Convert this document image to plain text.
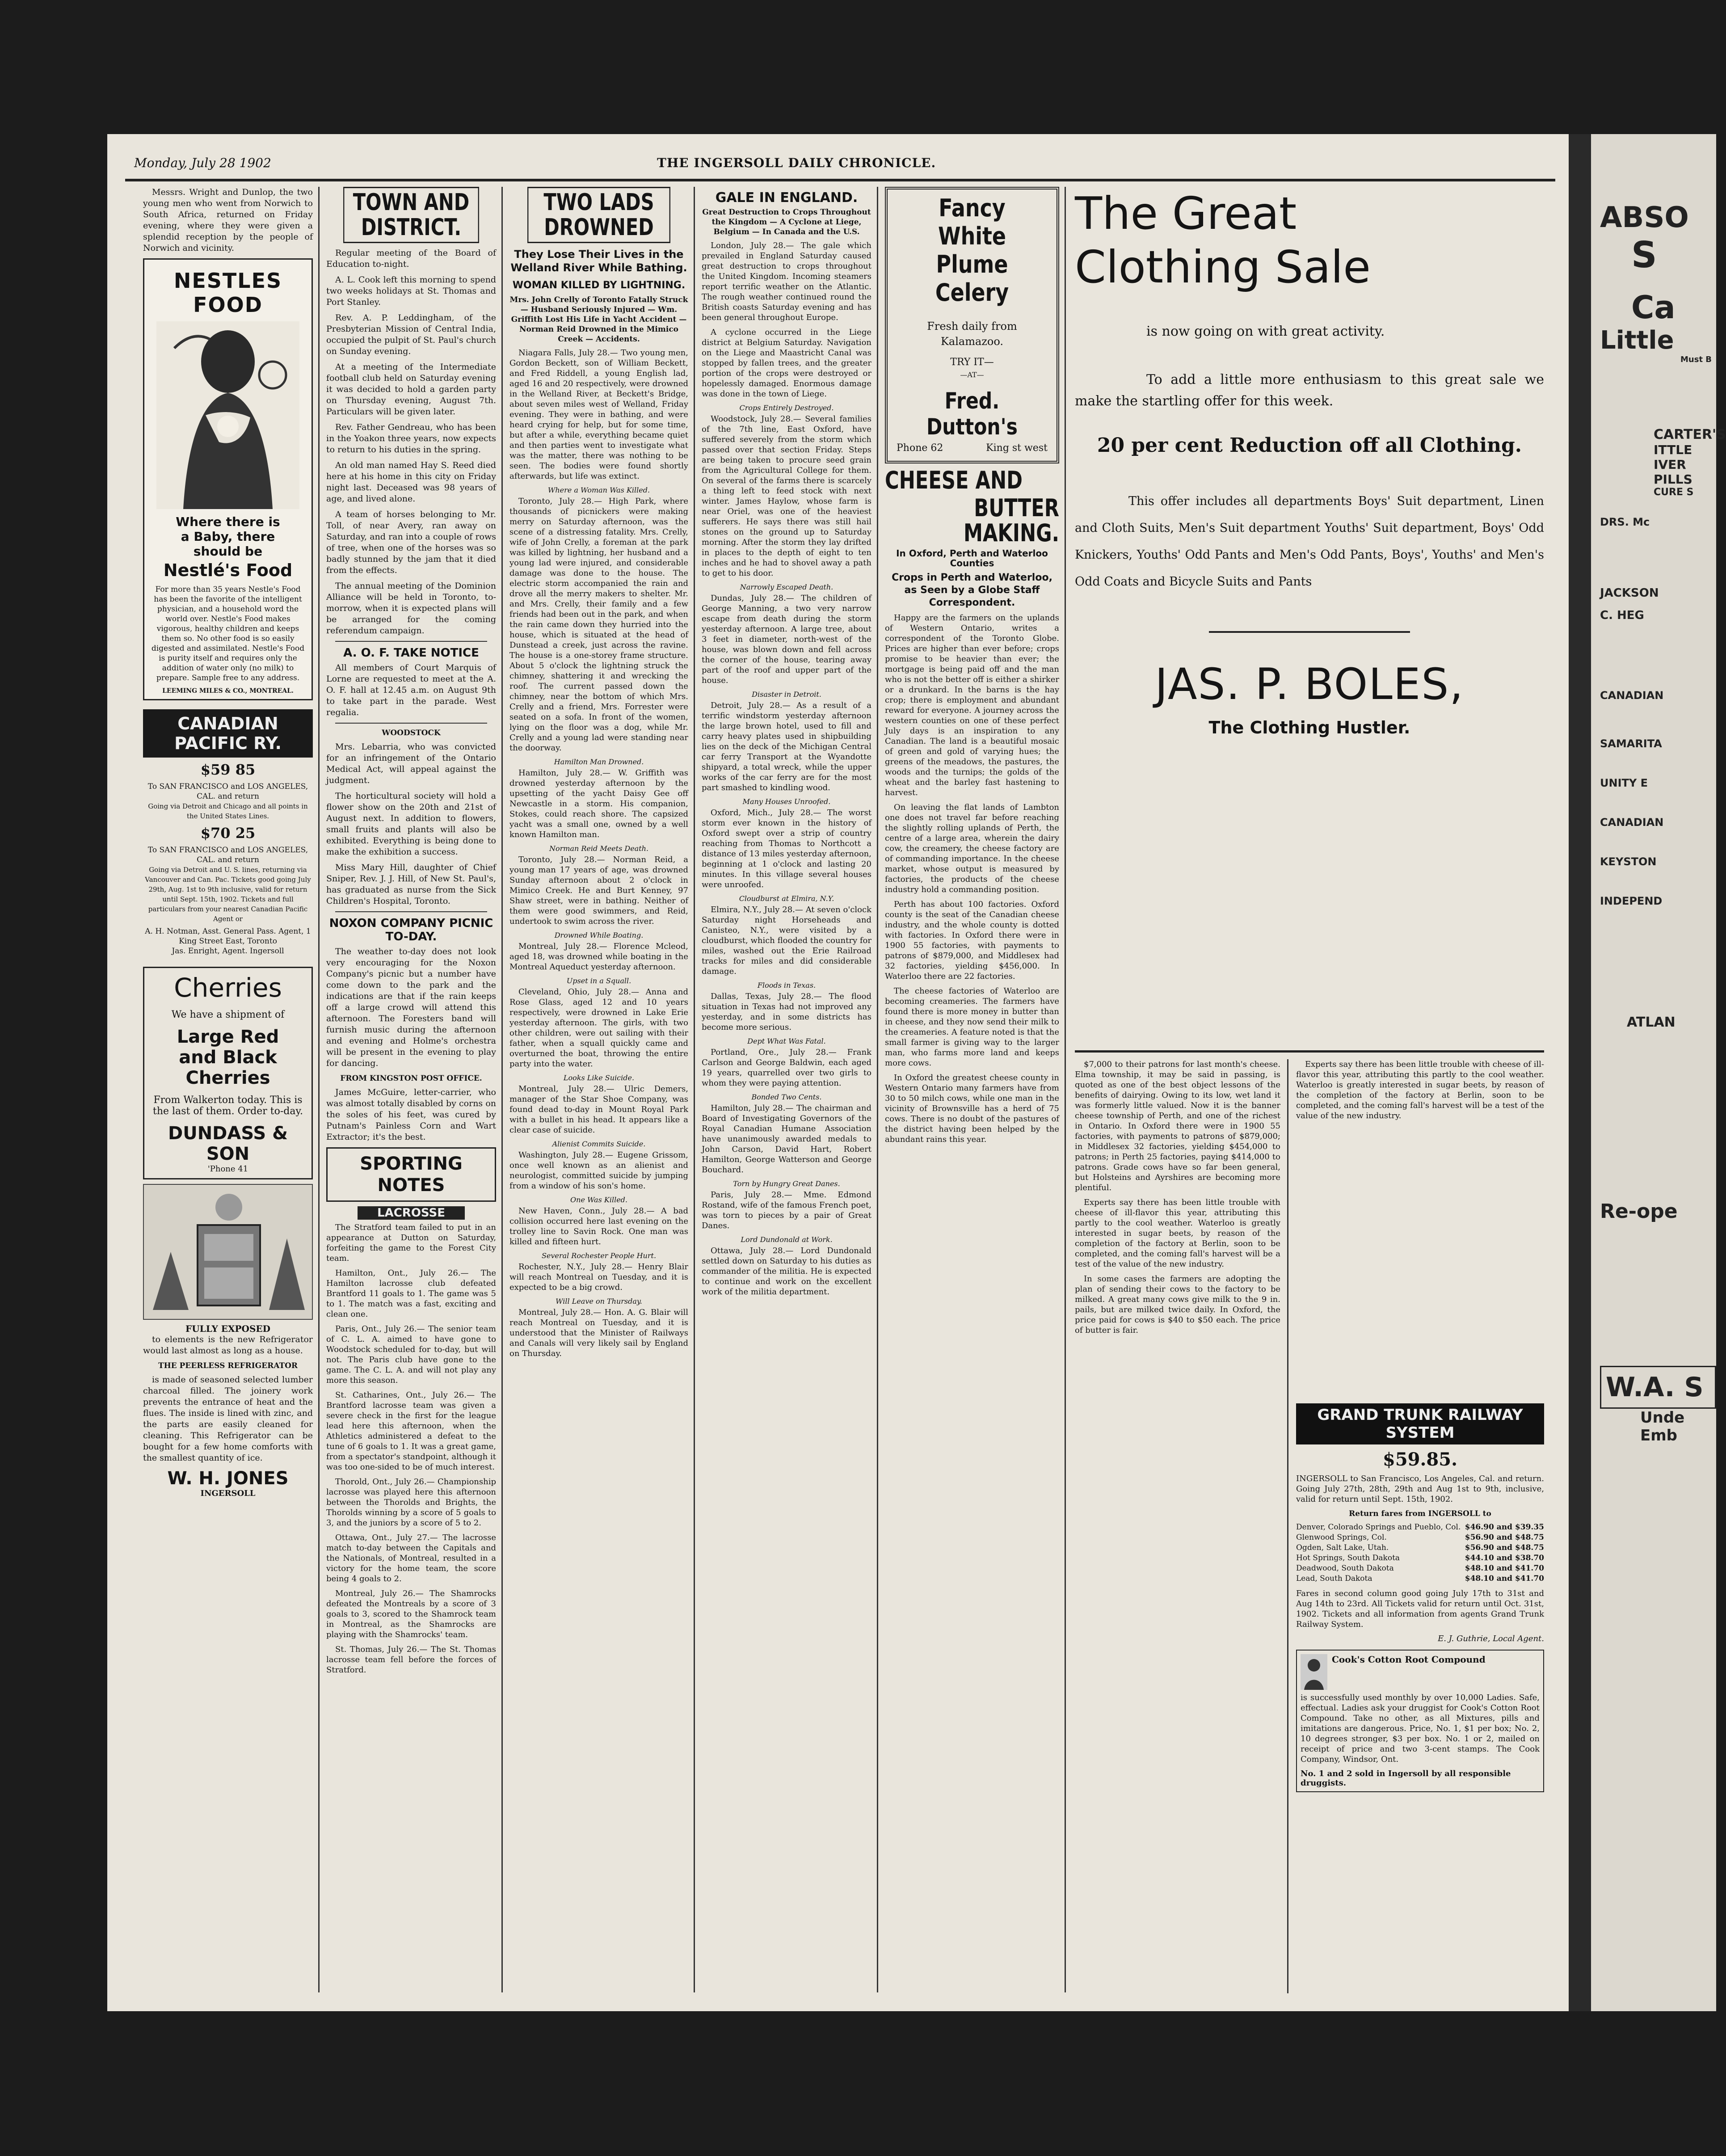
Monday, July 28 1902	THE INGERSOLL DAILY CHRONICLE.

Messrs. Wright and Dunlop, the two young men who went from Norwich to South Africa, returned on Friday evening, where they were given a splendid reception by the people of Norwich and vicinity.

NESTLES FOOD
Where there is
a Baby, there
should be
Nestlé's Food

For more than 35 years Nestle's Food has been the favorite of the intelligent physician, and a household word the world over. Nestle's Food makes vigorous, healthy children and keeps them so. No other food is so easily digested and assimilated. Nestle's Food is purity itself and requires only the addition of water only (no milk) to prepare. Sample free to any address.

LEEMING MILES & CO., MONTREAL.
CANADIAN PACIFIC RY.
$59 85
To SAN FRANCISCO and LOS ANGELES, CAL. and return
Going via Detroit and Chicago and all points in the United States Lines.
$70 25
To SAN FRANCISCO and LOS ANGELES, CAL. and return
Going via Detroit and U. S. lines, returning via Vancouver and Can. Pac. Tickets good going July 29th, Aug. 1st to 9th inclusive, valid for return until Sept. 15th, 1902. Tickets and full particulars from your nearest Canadian Pacific Agent or
A. H. Notman, Asst. General Pass. Agent, 1 King Street East, Toronto
Jas. Enright, Agent. Ingersoll
Cherries
We have a shipment of
Large Red
and Black
Cherries
From Walkerton today. This is the last of them. Order to-day.
DUNDASS & SON
'Phone 41
FULLY EXPOSED

to elements is the new Refrigerator would last almost as long as a house.

THE PEERLESS REFRIGERATOR

is made of seasoned selected lumber charcoal filled. The joinery work prevents the entrance of heat and the flues. The inside is lined with zinc, and the parts are easily cleaned for cleaning. This Refrigerator can be bought for a few home comforts with the smallest quantity of ice.

W. H. JONES
INGERSOLL
TOWN AND DISTRICT.

Regular meeting of the Board of Education to-night.

A. L. Cook left this morning to spend two weeks holidays at St. Thomas and Port Stanley.

Rev. A. P. Leddingham, of the Presbyterian Mission of Central India, occupied the pulpit of St. Paul's church on Sunday evening.

At a meeting of the Intermediate football club held on Saturday evening it was decided to hold a garden party on Thursday evening, August 7th. Particulars will be given later.

Rev. Father Gendreau, who has been in the Yoakon three years, now expects to return to his duties in the spring.

An old man named Hay S. Reed died here at his home in this city on Friday night last. Deceased was 98 years of age, and lived alone.

A team of horses belonging to Mr. Toll, of near Avery, ran away on Saturday, and ran into a couple of rows of tree, when one of the horses was so badly stunned by the jam that it died from the effects.

The annual meeting of the Dominion Alliance will be held in Toronto, to-morrow, when it is expected plans will be arranged for the coming referendum campaign.

A. O. F. TAKE NOTICE

All members of Court Marquis of Lorne are requested to meet at the A. O. F. hall at 12.45 a.m. on August 9th to take part in the parade. West regalia.

WOODSTOCK

Mrs. Lebarria, who was convicted for an infringement of the Ontario Medical Act, will appeal against the judgment.

The horticultural society will hold a flower show on the 20th and 21st of August next. In addition to flowers, small fruits and plants will also be exhibited. Everything is being done to make the exhibition a success.

Miss Mary Hill, daughter of Chief Sniper, Rev. J. J. Hill, of New St. Paul's, has graduated as nurse from the Sick Children's Hospital, Toronto.

NOXON COMPANY PICNIC TO-DAY.

The weather to-day does not look very encouraging for the Noxon Company's picnic but a number have come down to the park and the indications are that if the rain keeps off a large crowd will attend this afternoon. The Foresters band will furnish music during the afternoon and evening and Holme's orchestra will be present in the evening to play for dancing.

FROM KINGSTON POST OFFICE.

James McGuire, letter-carrier, who was almost totally disabled by corns on the soles of his feet, was cured by Putnam's Painless Corn and Wart Extractor; it's the best.

SPORTING NOTES
LACROSSE

The Stratford team failed to put in an appearance at Dutton on Saturday, forfeiting the game to the Forest City team.

Hamilton, Ont., July 26.— The Hamilton lacrosse club defeated Brantford 11 goals to 1. The game was 5 to 1. The match was a fast, exciting and clean one.

Paris, Ont., July 26.— The senior team of C. L. A. aimed to have gone to Woodstock scheduled for to-day, but will not. The Paris club have gone to the game. The C. L. A. and will not play any more this season.

St. Catharines, Ont., July 26.— The Brantford lacrosse team was given a severe check in the first for the league lead here this afternoon, when the Athletics administered a defeat to the tune of 6 goals to 1. It was a great game, from a spectator's standpoint, although it was too one-sided to be of much interest.

Thorold, Ont., July 26.— Championship lacrosse was played here this afternoon between the Thorolds and Brights, the Thorolds winning by a score of 5 goals to 3, and the juniors by a score of 5 to 2.

Ottawa, Ont., July 27.— The lacrosse match to-day between the Capitals and the Nationals, of Montreal, resulted in a victory for the home team, the score being 4 goals to 2.

Montreal, July 26.— The Shamrocks defeated the Montreals by a score of 3 goals to 3, scored to the Shamrock team in Montreal, as the Shamrocks are playing with the Shamrocks' team.

St. Thomas, July 26.— The St. Thomas lacrosse team fell before the forces of Stratford.

TWO LADS DROWNED
They Lose Their Lives in the Welland River While Bathing.
WOMAN KILLED BY LIGHTNING.
Mrs. John Crelly of Toronto Fatally Struck — Husband Seriously Injured — Wm. Griffith Lost His Life in Yacht Accident — Norman Reid Drowned in the Mimico Creek — Accidents.

Niagara Falls, July 28.— Two young men, Gordon Beckett, son of William Beckett, and Fred Riddell, a young English lad, aged 16 and 20 respectively, were drowned in the Welland River, at Beckett's Bridge, about seven miles west of Welland, Friday evening. They were in bathing, and were heard crying for help, but for some time, but after a while, everything became quiet and then parties went to investigate what was the matter, there was nothing to be seen. The bodies were found shortly afterwards, but life was extinct.

Where a Woman Was Killed.

Toronto, July 28.— High Park, where thousands of picnickers were making merry on Saturday afternoon, was the scene of a distressing fatality. Mrs. Crelly, wife of John Crelly, a foreman at the park was killed by lightning, her husband and a young lad were injured, and considerable damage was done to the house. The electric storm accompanied the rain and drove all the merry makers to shelter. Mr. and Mrs. Crelly, their family and a few friends had been out in the park, and when the rain came down they hurried into the house, which is situated at the head of Dunstead a creek, just across the ravine. The house is a one-storey frame structure. About 5 o'clock the lightning struck the chimney, shattering it and wrecking the roof. The current passed down the chimney, near the bottom of which Mrs. Crelly and a friend, Mrs. Forrester were seated on a sofa. In front of the women, lying on the floor was a dog, while Mr. Crelly and a young lad were standing near the doorway.

Hamilton Man Drowned.

Hamilton, July 28.— W. Griffith was drowned yesterday afternoon by the upsetting of the yacht Daisy Gee off Newcastle in a storm. His companion, Stokes, could reach shore. The capsized yacht was a small one, owned by a well known Hamilton man.

Norman Reid Meets Death.

Toronto, July 28.— Norman Reid, a young man 17 years of age, was drowned Sunday afternoon about 2 o'clock in Mimico Creek. He and Burt Kenney, 97 Shaw street, were in bathing. Neither of them were good swimmers, and Reid, undertook to swim across the river.

Drowned While Boating.

Montreal, July 28.— Florence Mcleod, aged 18, was drowned while boating in the Montreal Aqueduct yesterday afternoon.

Upset in a Squall.

Cleveland, Ohio, July 28.— Anna and Rose Glass, aged 12 and 10 years respectively, were drowned in Lake Erie yesterday afternoon. The girls, with two other children, were out sailing with their father, when a squall quickly came and overturned the boat, throwing the entire party into the water.

Looks Like Suicide.

Montreal, July 28.— Ulric Demers, manager of the Star Shoe Company, was found dead to-day in Mount Royal Park with a bullet in his head. It appears like a clear case of suicide.

Alienist Commits Suicide.

Washington, July 28.— Eugene Grissom, once well known as an alienist and neurologist, committed suicide by jumping from a window of his son's home.

One Was Killed.

New Haven, Conn., July 28.— A bad collision occurred here last evening on the trolley line to Savin Rock. One man was killed and fifteen hurt.

Several Rochester People Hurt.

Rochester, N.Y., July 28.— Henry Blair will reach Montreal on Tuesday, and it is expected to be a big crowd.

Will Leave on Thursday.

Montreal, July 28.— Hon. A. G. Blair will reach Montreal on Tuesday, and it is understood that the Minister of Railways and Canals will very likely sail by England on Thursday.

GALE IN ENGLAND.
Great Destruction to Crops Throughout the Kingdom — A Cyclone at Liege, Belgium — In Canada and the U.S.

London, July 28.— The gale which prevailed in England Saturday caused great destruction to crops throughout the United Kingdom. Incoming steamers report terrific weather on the Atlantic. The rough weather continued round the British coasts Saturday evening and has been general throughout Europe.

A cyclone occurred in the Liege district at Belgium Saturday. Navigation on the Liege and Maastricht Canal was stopped by fallen trees, and the greater portion of the crops were destroyed or hopelessly damaged. Enormous damage was done in the town of Liege.

Crops Entirely Destroyed.

Woodstock, July 28.— Several families of the 7th line, East Oxford, have suffered severely from the storm which passed over that section Friday. Steps are being taken to procure seed grain from the Agricultural College for them. On several of the farms there is scarcely a thing left to feed stock with next winter. James Haylow, whose farm is near Oriel, was one of the heaviest sufferers. He says there was still hail stones on the ground up to Saturday morning. After the storm they lay drifted in places to the depth of eight to ten inches and he had to shovel away a path to get to his door.

Narrowly Escaped Death.

Dundas, July 28.— The children of George Manning, a two very narrow escape from death during the storm yesterday afternoon. A large tree, about 3 feet in diameter, north-west of the house, was blown down and fell across the corner of the house, tearing away part of the roof and upper part of the house.

Disaster in Detroit.

Detroit, July 28.— As a result of a terrific windstorm yesterday afternoon the large brown hotel, used to fill and carry heavy plates used in shipbuilding lies on the deck of the Michigan Central car ferry Transport at the Wyandotte shipyard, a total wreck, while the upper works of the car ferry are for the most part smashed to kindling wood.

Many Houses Unroofed.

Oxford, Mich., July 28.— The worst storm ever known in the history of Oxford swept over a strip of country reaching from Thomas to Northcott a distance of 13 miles yesterday afternoon, beginning at 1 o'clock and lasting 20 minutes. In this village several houses were unroofed.

Cloudburst at Elmira, N.Y.

Elmira, N.Y., July 28.— At seven o'clock Saturday night Horseheads and Canisteo, N.Y., were visited by a cloudburst, which flooded the country for miles, washed out the Erie Railroad tracks for miles and did considerable damage.

Floods in Texas.

Dallas, Texas, July 28.— The flood situation in Texas had not improved any yesterday, and in some districts has become more serious.

Dept What Was Fatal.

Portland, Ore., July 28.— Frank Carlson and George Baldwin, each aged 19 years, quarrelled over two girls to whom they were paying attention.

Bonded Two Cents.

Hamilton, July 28.— The chairman and Board of Investigating Governors of the Royal Canadian Humane Association have unanimously awarded medals to John Carson, David Hart, Robert Hamilton, George Watterson and George Bouchard.

Torn by Hungry Great Danes.

Paris, July 28.— Mme. Edmond Rostand, wife of the famous French poet, was torn to pieces by a pair of Great Danes.

Lord Dundonald at Work.

Ottawa, July 28.— Lord Dundonald settled down on Saturday to his duties as commander of the militia. He is expected to continue and work on the excellent work of the militia department.

Fancy White
Plume Celery
Fresh daily from
Kalamazoo.
TRY IT—
—AT—
Fred. Dutton's
Phone 62	King st west
CHEESE AND
BUTTER MAKING.
In Oxford, Perth and Waterloo Counties
Crops in Perth and Waterloo, as Seen by a Globe Staff Correspondent.

Happy are the farmers on the uplands of Western Ontario, writes a correspondent of the Toronto Globe. Prices are higher than ever before; crops promise to be heavier than ever; the mortgage is being paid off and the man who is not the better off is either a shirker or a drunkard. In the barns is the hay crop; there is employment and abundant reward for everyone. A journey across the western counties on one of these perfect July days is an inspiration to any Canadian. The land is a beautiful mosaic of green and gold of varying hues; the greens of the meadows, the pastures, the woods and the turnips; the golds of the wheat and the barley fast hastening to harvest.

On leaving the flat lands of Lambton one does not travel far before reaching the slightly rolling uplands of Perth, the centre of a large area, wherein the dairy cow, the creamery, the cheese factory are of commanding importance. In the cheese market, whose output is measured by factories, the products of the cheese industry hold a commanding position.

Perth has about 100 factories. Oxford county is the seat of the Canadian cheese industry, and the whole county is dotted with factories. In Oxford there were in 1900 55 factories, with payments to patrons of $879,000, and Middlesex had 32 factories, yielding $456,000. In Waterloo there are 22 factories.

The cheese factories of Waterloo are becoming creameries. The farmers have found there is more money in butter than in cheese, and they now send their milk to the creameries. A feature noted is that the small farmer is giving way to the larger man, who farms more land and keeps more cows.

In Oxford the greatest cheese county in Western Ontario many farmers have from 30 to 50 milch cows, while one man in the vicinity of Brownsville has a herd of 75 cows. There is no doubt of the pastures of the district having been helped by the abundant rains this year.

The Great
Clothing Sale
is now going on with great activity.
To add a little more enthusiasm to this great sale we make the startling offer for this week.
20 per cent Reduction off all Clothing.
This offer includes all departments Boys' Suit department, Linen and Cloth Suits, Men's Suit department Youths' Suit department, Boys' Odd Knickers, Youths' Odd Pants and Men's Odd Pants, Boys', Youths' and Men's Odd Coats and Bicycle Suits and Pants
JAS. P. BOLES,
The Clothing Hustler.

$7,000 to their patrons for last month's cheese. Elma township, it may be said in passing, is quoted as one of the best object lessons of the benefits of dairying. Owing to its low, wet land it was formerly little valued. Now it is the banner cheese township of Perth, and one of the richest in Ontario. In Oxford there were in 1900 55 factories, with payments to patrons of $879,000; in Middlesex 32 factories, yielding $454,000 to patrons; in Perth 25 factories, paying $414,000 to patrons. Grade cows have so far been general, but Holsteins and Ayrshires are becoming more plentiful.

Experts say there has been little trouble with cheese of ill-flavor this year, attributing this partly to the cool weather. Waterloo is greatly interested in sugar beets, by reason of the completion of the factory at Berlin, soon to be completed, and the coming fall's harvest will be a test of the value of the new industry.

In some cases the farmers are adopting the plan of sending their cows to the factory to be milked. A great many cows give milk to the 9 in. pails, but are milked twice daily. In Oxford, the price paid for cows is $40 to $50 each. The price of butter is fair.

Experts say there has been little trouble with cheese of ill-flavor this year, attributing this partly to the cool weather. Waterloo is greatly interested in sugar beets, by reason of the completion of the factory at Berlin, soon to be completed, and the coming fall's harvest will be a test of the value of the new industry.

GRAND TRUNK RAILWAY SYSTEM
$59.85.

INGERSOLL to San Francisco, Los Angeles, Cal. and return. Going July 27th, 28th, 29th and Aug 1st to 9th, inclusive, valid for return until Sept. 15th, 1902.

Return fares from INGERSOLL to
Denver, Colorado Springs and Pueblo, Col. $46.90 and $39.35
Glenwood Springs, Col.	$56.90 and $48.75
Ogden, Salt Lake, Utah.	$56.90 and $48.75
Hot Springs, South Dakota	$44.10 and $38.70
Deadwood, South Dakota	$48.10 and $41.70
Lead, South Dakota	$48.10 and $41.70

Fares in second column good going July 17th to 31st and Aug 14th to 23rd. All Tickets valid for return until Oct. 31st, 1902. Tickets and all information from agents Grand Trunk Railway System.

E. J. Guthrie, Local Agent.
Cook's Cotton Root Compound

is successfully used monthly by over 10,000 Ladies. Safe, effectual. Ladies ask your druggist for Cook's Cotton Root Compound. Take no other, as all Mixtures, pills and imitations are dangerous. Price, No. 1, $1 per box; No. 2, 10 degrees stronger, $3 per box. No. 1 or 2, mailed on receipt of price and two 3-cent stamps. The Cook Company, Windsor, Ont.

No. 1 and 2 sold in Ingersoll by all responsible druggists.
ABSO
S
Ca
Little
Must B
CARTER'S
ITTLE
IVER
PILLS
CURE S
DRS. Mc
JACKSON
C. HEG
CANADIAN
SAMARITA
UNITY E
CANADIAN
KEYSTON
INDEPEND
ATLAN
Re-ope
W.A. S
Unde
Emb
